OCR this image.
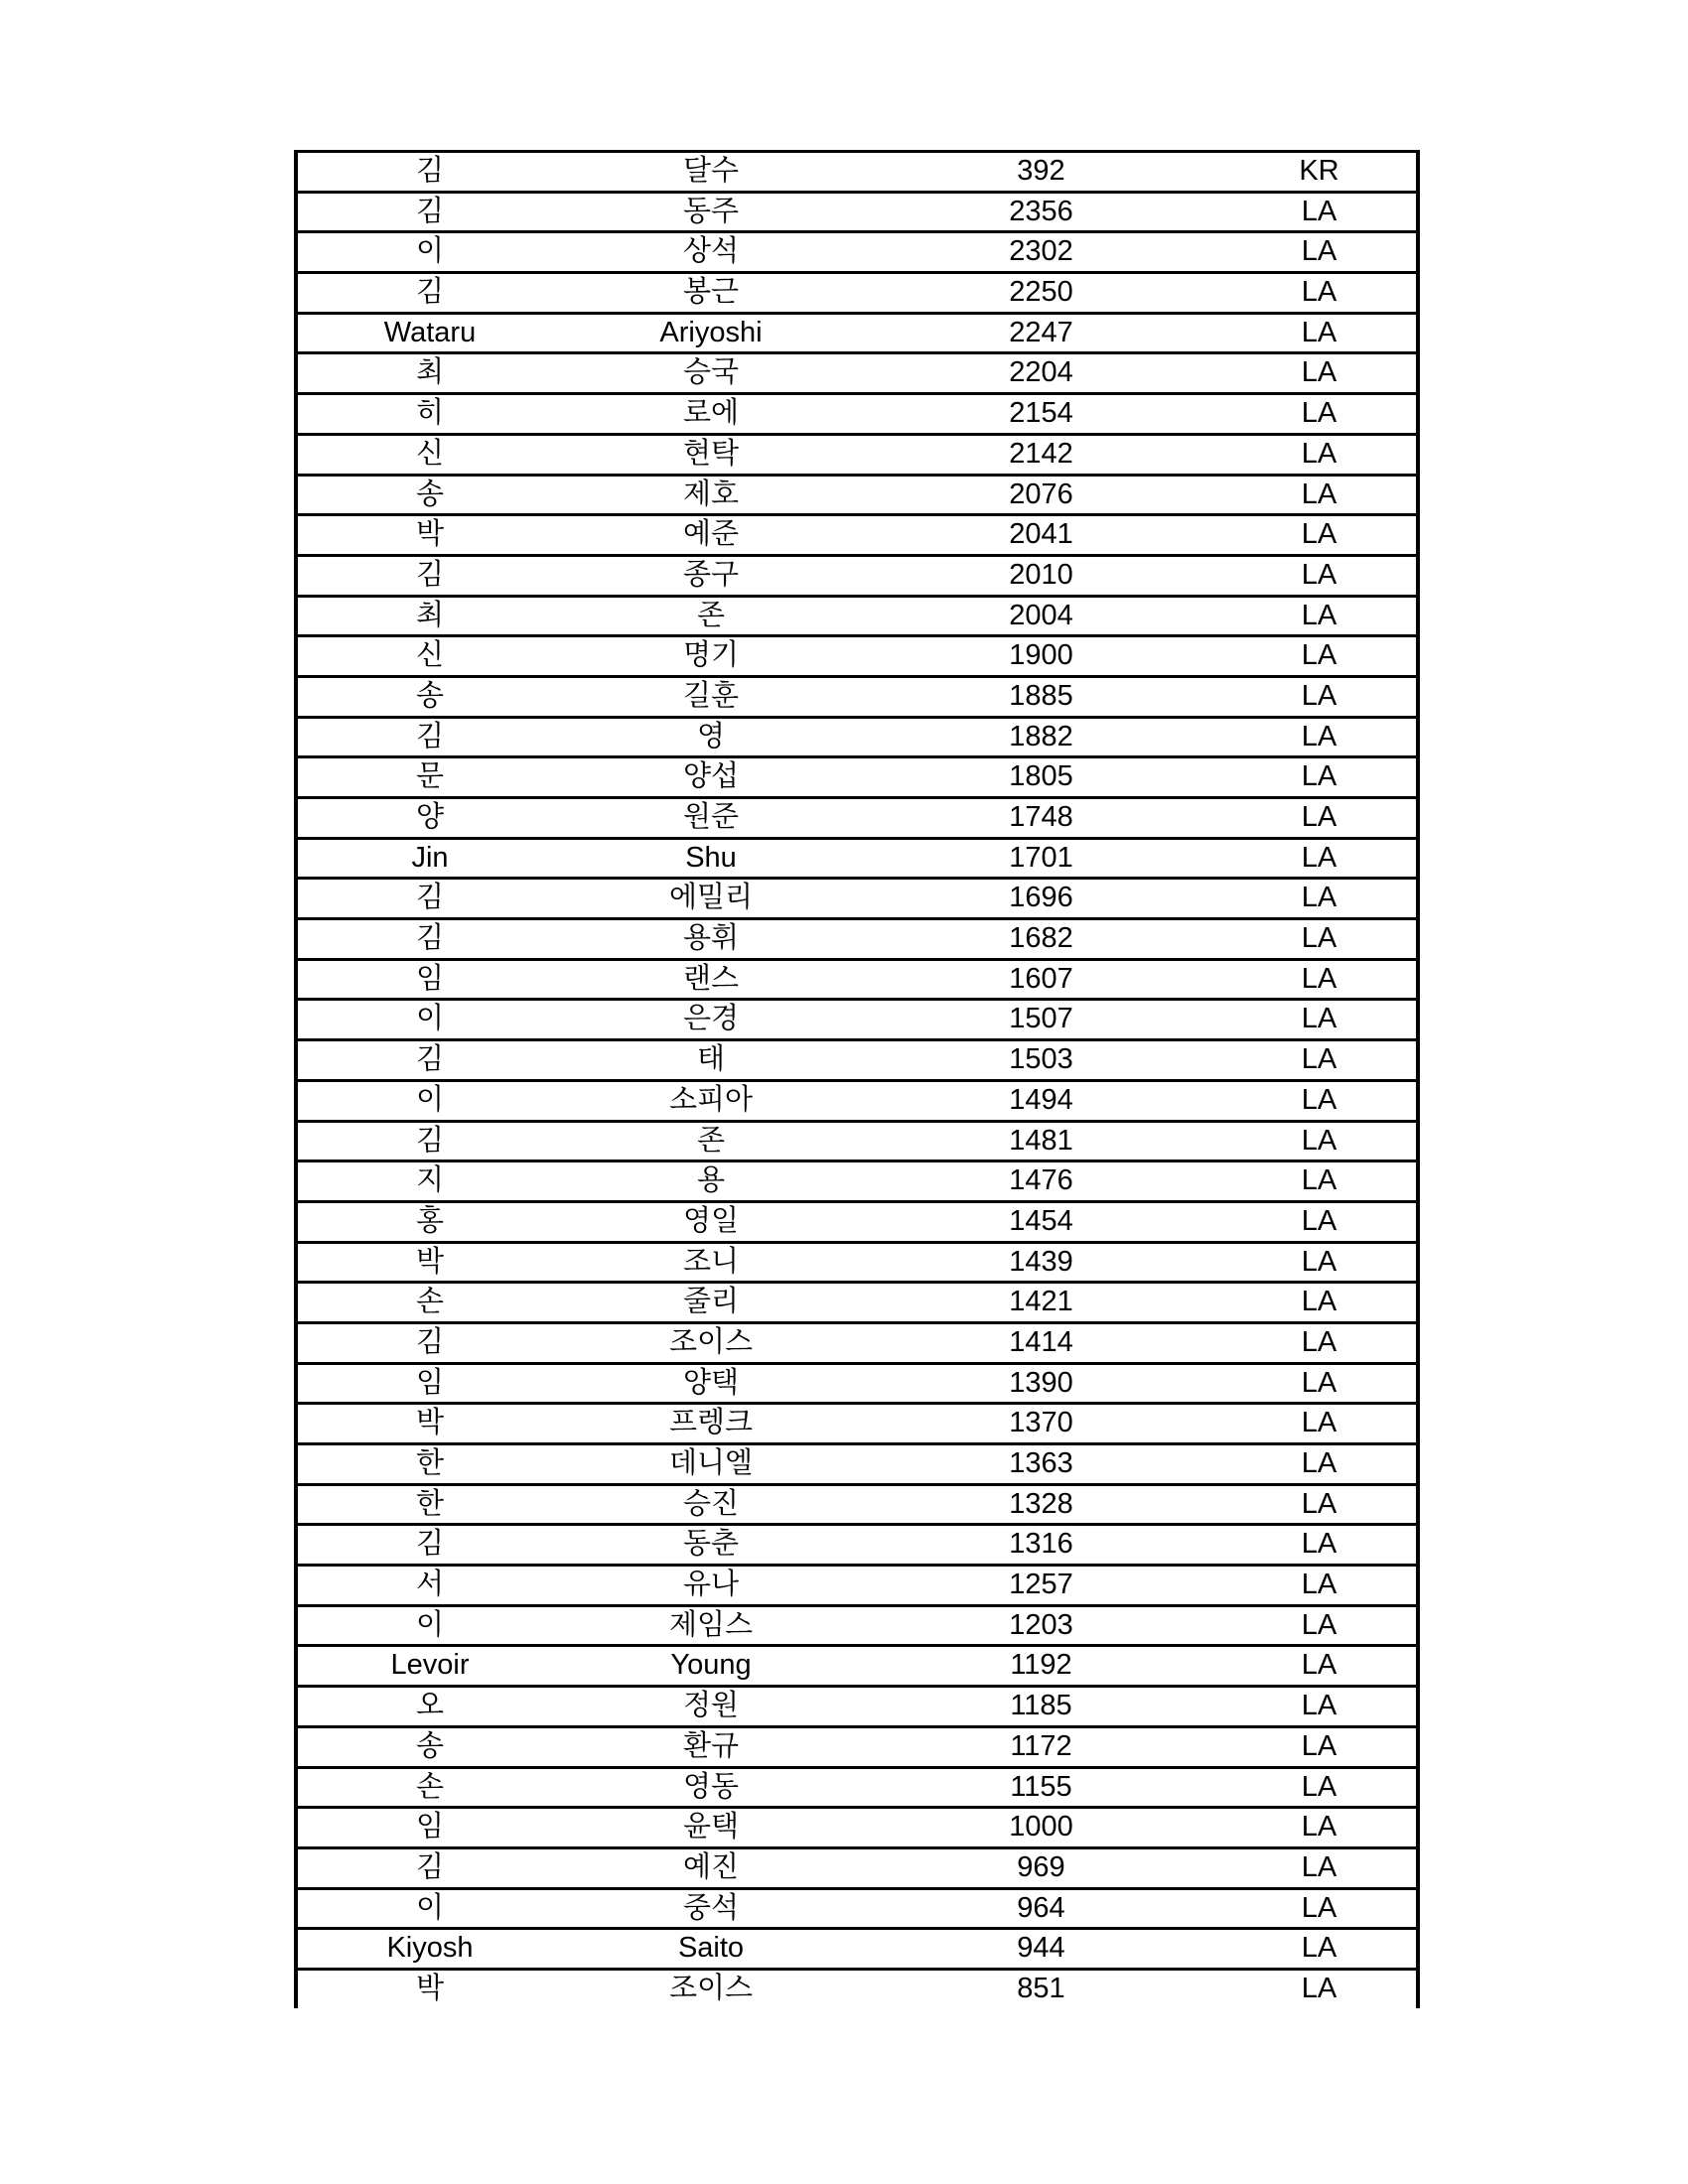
김	달수	392	KR
김	동주	2356	LA
이	상석	2302	LA
김	봉근	2250	LA
Wataru	Ariyoshi	2247	LA
최	승국	2204	LA
히	로에	2154	LA
신	현탁	2142	LA
송	제호	2076	LA
박	예준	2041	LA
김	종구	2010	LA
최	존	2004	LA
신	명기	1900	LA
송	길훈	1885	LA
김	영	1882	LA
문	양섭	1805	LA
양	원준	1748	LA
Jin	Shu	1701	LA
김	에밀리	1696	LA
김	용휘	1682	LA
임	랜스	1607	LA
이	은경	1507	LA
김	태	1503	LA
이	소피아	1494	LA
김	존	1481	LA
지	용	1476	LA
홍	영일	1454	LA
박	조니	1439	LA
손	줄리	1421	LA
김	조이스	1414	LA
임	양택	1390	LA
박	프렝크	1370	LA
한	데니엘	1363	LA
한	승진	1328	LA
김	동춘	1316	LA
서	유나	1257	LA
이	제임스	1203	LA
Levoir	Young	1192	LA
오	정원	1185	LA
송	환규	1172	LA
손	영동	1155	LA
임	윤택	1000	LA
김	예진	969	LA
이	중석	964	LA
Kiyosh	Saito	944	LA
박	조이스	851	LA
